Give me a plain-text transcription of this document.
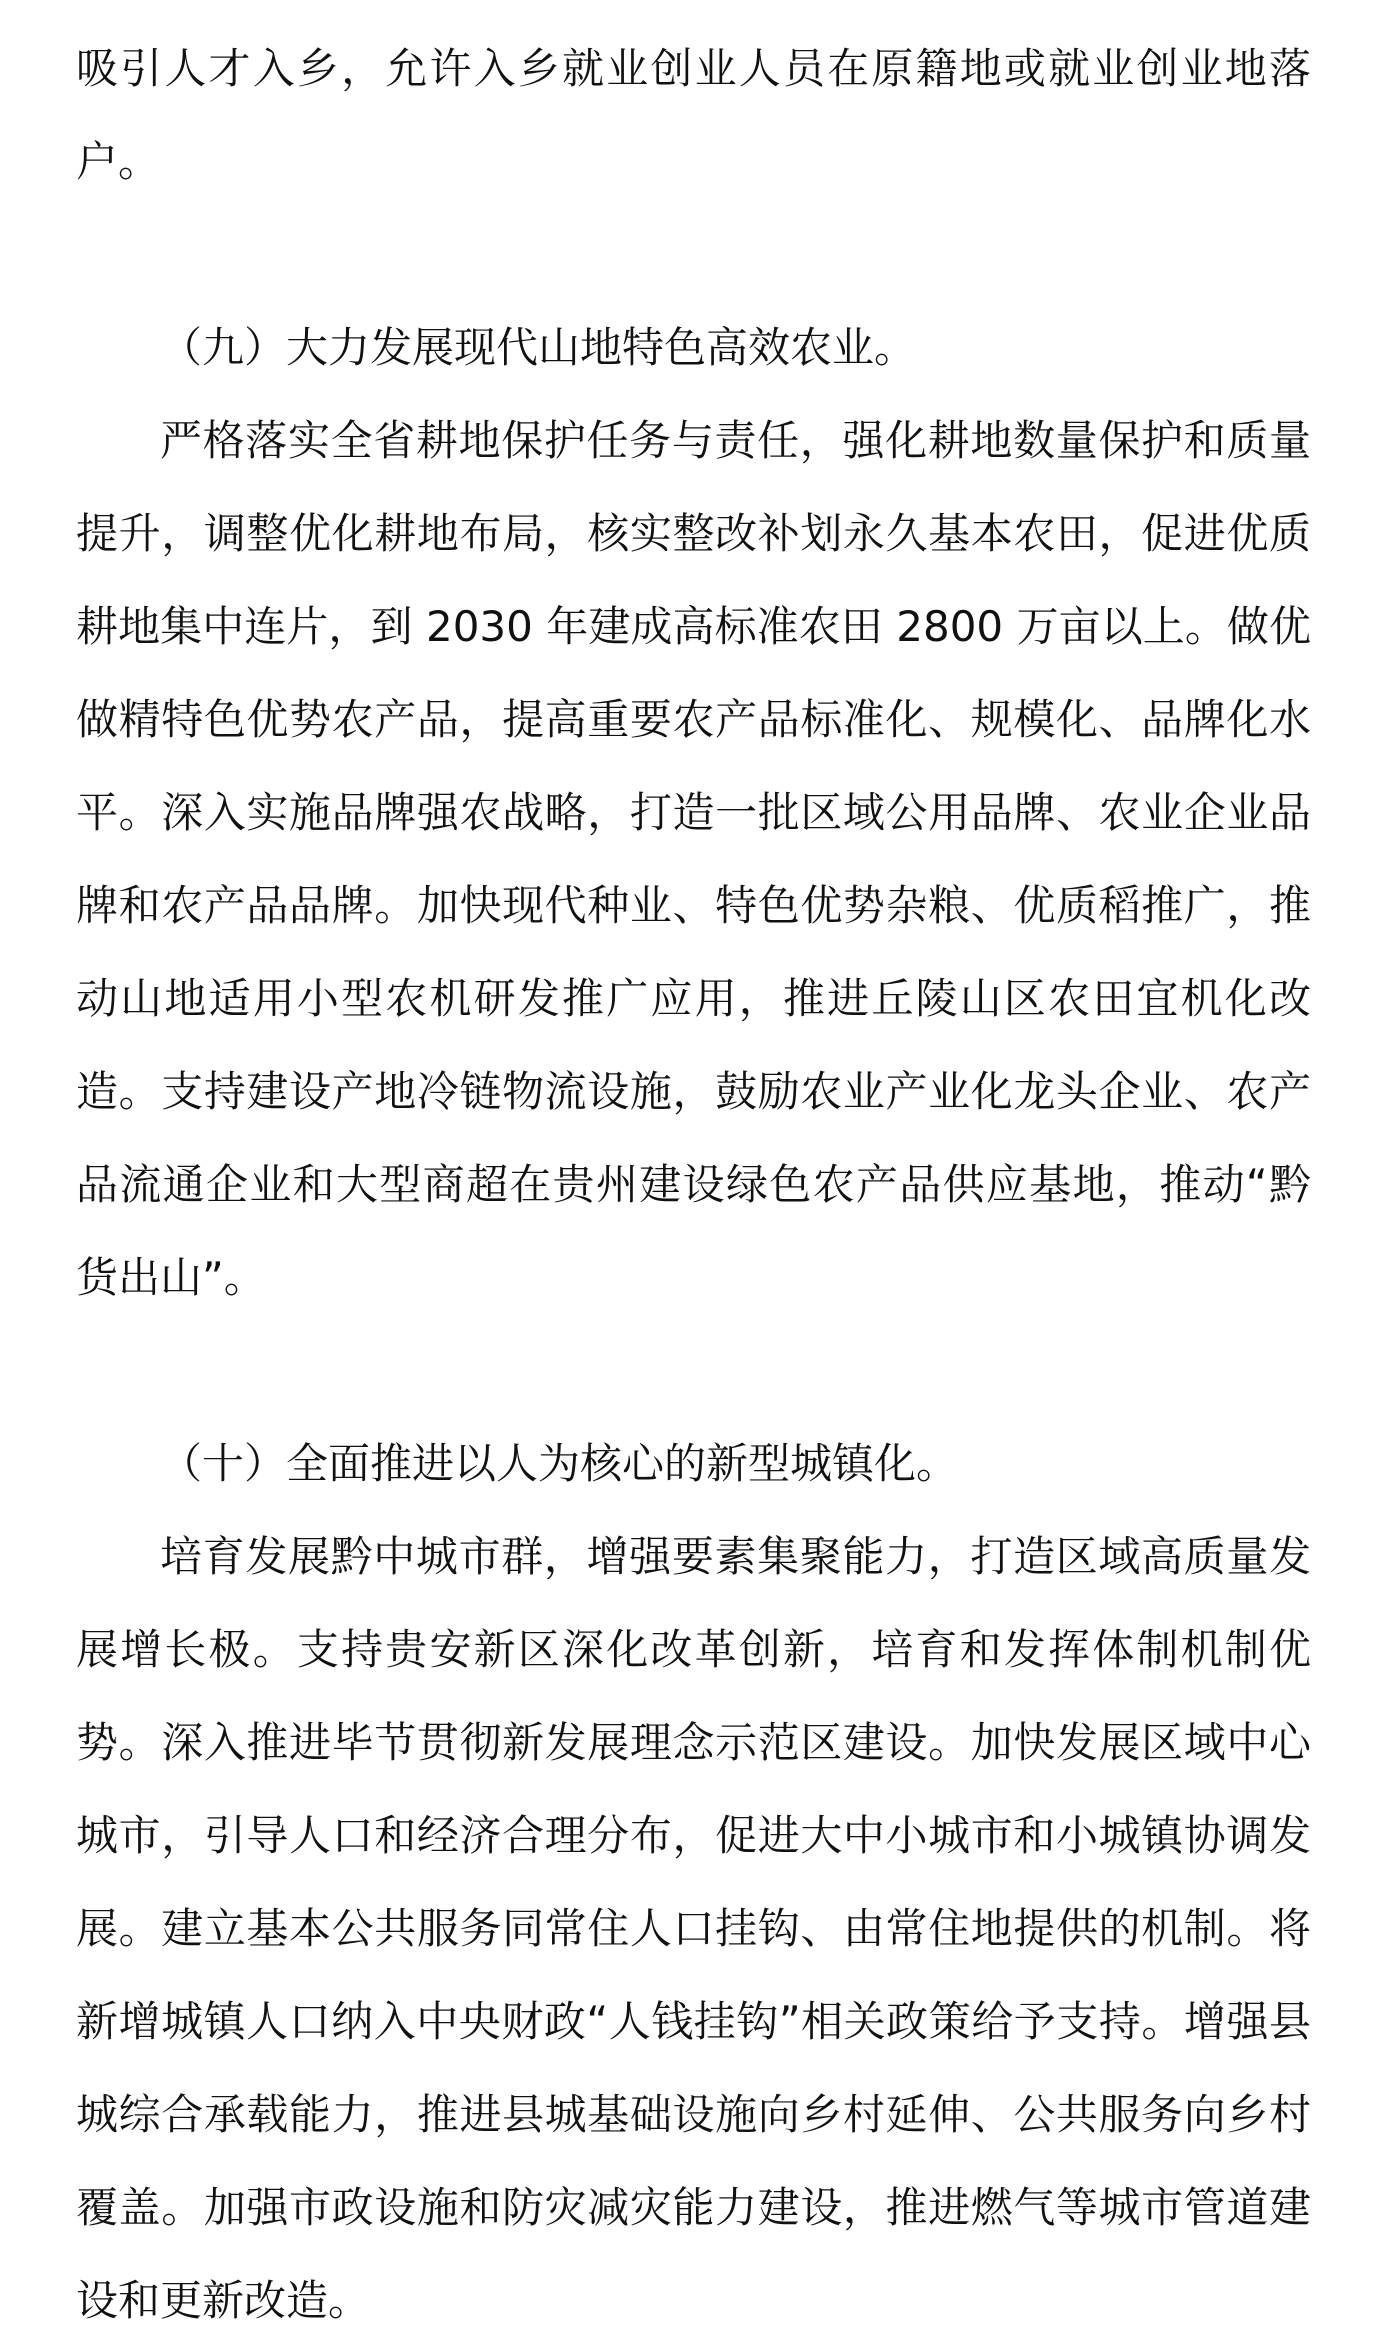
吸引人才入乡，允许入乡就业创业人员在原籍地或就业创业地落户。

（九）大力发展现代山地特色高效农业。

严格落实全省耕地保护任务与责任，强化耕地数量保护和质量提升，调整优化耕地布局，核实整改补划永久基本农田，促进优质耕地集中连片，到 2030 年建成高标准农田 2800 万亩以上。做优做精特色优势农产品，提高重要农产品标准化、规模化、品牌化水平。深入实施品牌强农战略，打造一批区域公用品牌、农业企业品牌和农产品品牌。加快现代种业、特色优势杂粮、优质稻推广，推动山地适用小型农机研发推广应用，推进丘陵山区农田宜机化改造。支持建设产地冷链物流设施，鼓励农业产业化龙头企业、农产品流通企业和大型商超在贵州建设绿色农产品供应基地，推动“黔货出山”。

（十）全面推进以人为核心的新型城镇化。

培育发展黔中城市群，增强要素集聚能力，打造区域高质量发展增长极。支持贵安新区深化改革创新，培育和发挥体制机制优势。深入推进毕节贯彻新发展理念示范区建设。加快发展区域中心城市，引导人口和经济合理分布，促进大中小城市和小城镇协调发展。建立基本公共服务同常住人口挂钩、由常住地提供的机制。将新增城镇人口纳入中央财政“人钱挂钩”相关政策给予支持。增强县城综合承载能力，推进县城基础设施向乡村延伸、公共服务向乡村覆盖。加强市政设施和防灾减灾能力建设，推进燃气等城市管道建设和更新改造。
